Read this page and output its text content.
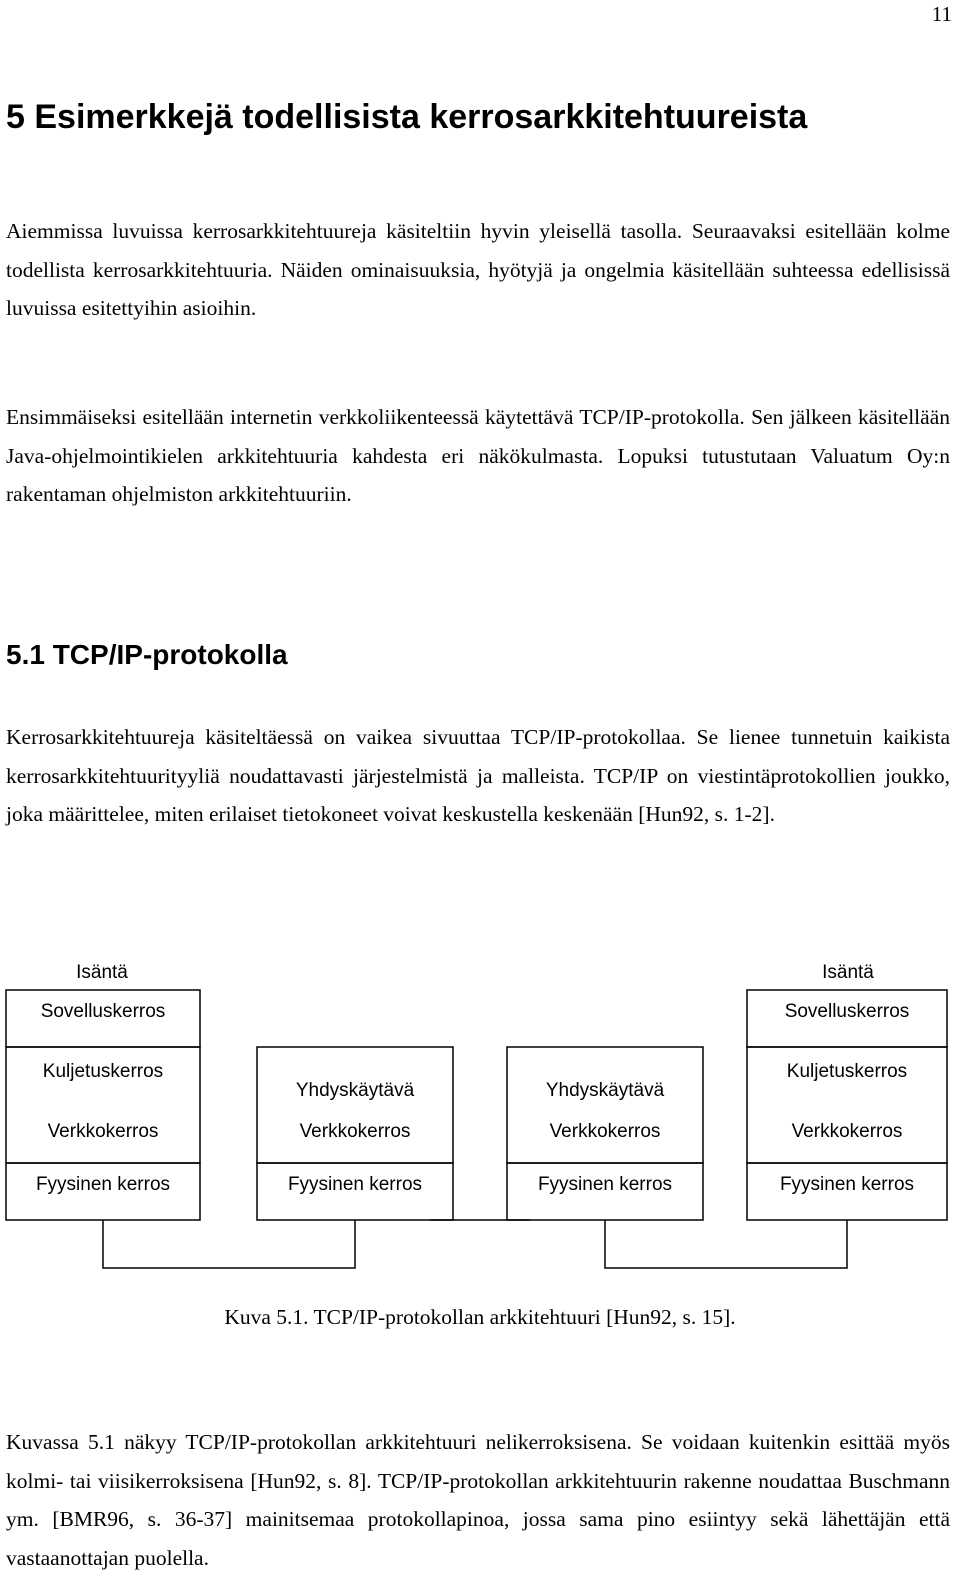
11
5 Esimerkkejä todellisista kerrosarkkitehtuureista

Aiemmissa luvuissa kerrosarkkitehtuureja käsiteltiin hyvin yleisellä tasolla. Seuraavaksi esitellään kolme todellista kerrosarkkitehtuuria. Näiden ominaisuuksia, hyötyjä ja ongelmia käsitellään suhteessa edellisissä luvuissa esitettyihin asioihin.

Ensimmäiseksi esitellään internetin verkkoliikenteessä käytettävä TCP/IP-protokolla. Sen jälkeen käsitellään Java-ohjelmointikielen arkkitehtuuria kahdesta eri näkökulmasta. Lopuksi tutustutaan Valuatum Oy:n rakentaman ohjelmiston arkkitehtuuriin.

5.1 TCP/IP-protokolla

Kerrosarkkitehtuureja käsiteltäessä on vaikea sivuuttaa TCP/IP-protokollaa. Se lienee tunnetuin kaikista kerrosarkkitehtuurityyliä noudattavasti järjestelmistä ja malleista. TCP/IP on viestintäprotokollien joukko, joka määrittelee, miten erilaiset tietokoneet voivat keskustella keskenään [Hun92, s. 1-2].

Isäntä	Isäntä
Sovelluskerros
Kuljetuskerros
Verkkokerros
Fyysinen kerros
Yhdyskäytävä
Verkkokerros
Fyysinen kerros
Yhdyskäytävä
Verkkokerros
Fyysinen kerros
Sovelluskerros
Kuljetuskerros
Verkkokerros
Fyysinen kerros

Kuva 5.1. TCP/IP-protokollan arkkitehtuuri [Hun92, s. 15].

Kuvassa 5.1 näkyy TCP/IP-protokollan arkkitehtuuri nelikerroksisena. Se voidaan kuitenkin esittää myös kolmi- tai viisikerroksisena [Hun92, s. 8]. TCP/IP-protokollan arkkitehtuurin rakenne noudattaa Buschmann ym. [BMR96, s. 36-37] mainitsemaa protokollapinoa, jossa sama pino esiintyy sekä lähettäjän että vastaanottajan puolella.
